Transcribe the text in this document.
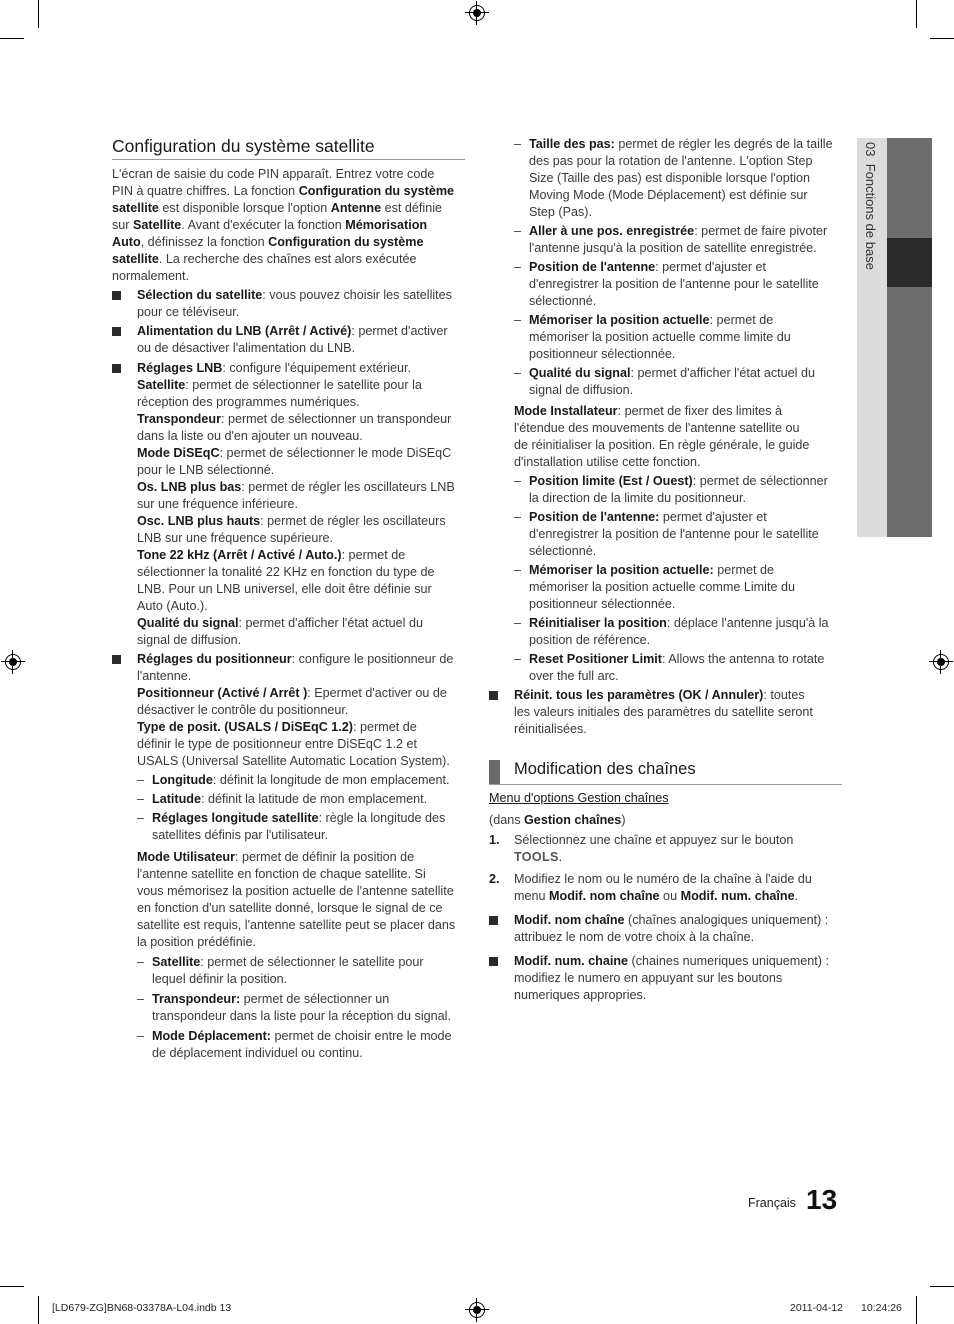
03  Fonctions de base
Configuration du système satellite
L'écran de saisie du code PIN apparaît. Entrez votre code
PIN à quatre chiffres. La fonction Configuration du système
satellite est disponible lorsque l'option Antenne est définie
sur Satellite. Avant d'exécuter la fonction Mémorisation
Auto, définissez la fonction Configuration du système
satellite. La recherche des chaînes est alors exécutée
normalement.
Sélection du satellite: vous pouvez choisir les satellites
pour ce téléviseur.
Alimentation du LNB (Arrêt / Activé): permet d'activer
ou de désactiver l'alimentation du LNB.
Réglages LNB: configure l'équipement extérieur.
Satellite: permet de sélectionner le satellite pour la
réception des programmes numériques.
Transpondeur: permet de sélectionner un transpondeur
dans la liste ou d'en ajouter un nouveau.
Mode DiSEqC: permet de sélectionner le mode DiSEqC
pour le LNB sélectionné.
Os. LNB plus bas: permet de régler les oscillateurs LNB
sur une fréquence inférieure.
Osc. LNB plus hauts: permet de régler les oscillateurs
LNB sur une fréquence supérieure.
Tone 22 kHz (Arrêt / Activé / Auto.): permet de
sélectionner la tonalité 22 KHz en fonction du type de
LNB. Pour un LNB universel, elle doit être définie sur
Auto (Auto.).
Qualité du signal: permet d'afficher l'état actuel du
signal de diffusion.
Réglages du positionneur: configure le positionneur de
l'antenne.
Positionneur (Activé / Arrêt ): Epermet d'activer ou de
désactiver le contrôle du positionneur.
Type de posit. (USALS / DiSEqC 1.2): permet de
définir le type de positionneur entre DiSEqC 1.2 et
USALS (Universal Satellite Automatic Location System).
– Longitude: définit la longitude de mon emplacement.
– Latitude: définit la latitude de mon emplacement.
– Réglages longitude satellite: règle la longitude des
satellites définis par l'utilisateur.
Mode Utilisateur: permet de définir la position de
l'antenne satellite en fonction de chaque satellite. Si
vous mémorisez la position actuelle de l'antenne satellite
en fonction d'un satellite donné, lorsque le signal de ce
satellite est requis, l'antenne satellite peut se placer dans
la position prédéfinie.
– Satellite: permet de sélectionner le satellite pour
lequel définir la position.
– Transpondeur: permet de sélectionner un
transpondeur dans la liste pour la réception du signal.
– Mode Déplacement: permet de choisir entre le mode
de déplacement individuel ou continu.
– Taille des pas: permet de régler les degrés de la taille
des pas pour la rotation de l'antenne. L'option Step
Size (Taille des pas) est disponible lorsque l'option
Moving Mode (Mode Déplacement) est définie sur
Step (Pas).
– Aller à une pos. enregistrée: permet de faire pivoter
l'antenne jusqu'à la position de satellite enregistrée.
– Position de l'antenne: permet d'ajuster et
d'enregistrer la position de l'antenne pour le satellite
sélectionné.
– Mémoriser la position actuelle: permet de
mémoriser la position actuelle comme limite du
positionneur sélectionnée.
– Qualité du signal: permet d'afficher l'état actuel du
signal de diffusion.
Mode Installateur: permet de fixer des limites à
l'étendue des mouvements de l'antenne satellite ou
de réinitialiser la position. En règle générale, le guide
d'installation utilise cette fonction.
– Position limite (Est / Ouest): permet de sélectionner
la direction de la limite du positionneur.
– Position de l'antenne: permet d'ajuster et
d'enregistrer la position de l'antenne pour le satellite
sélectionné.
– Mémoriser la position actuelle: permet de
mémoriser la position actuelle comme Limite du
positionneur sélectionnée.
– Réinitialiser la position: déplace l'antenne jusqu'à la
position de référence.
– Reset Positioner Limit: Allows the antenna to rotate
over the full arc.
Réinit. tous les paramètres (OK / Annuler): toutes
les valeurs initiales des paramètres du satellite seront
réinitialisées.
Menu d'options Gestion chaînes
(dans Gestion chaînes)
1. Sélectionnez une chaîne et appuyez sur le bouton
TOOLS.
2. Modifiez le nom ou le numéro de la chaîne à l'aide du
menu Modif. nom chaîne ou Modif. num. chaîne.
Modif. nom chaîne (chaînes analogiques uniquement) :
attribuez le nom de votre choix à la chaîne.
Modif. num. chaine (chaines numeriques uniquement) :
modifiez le numero en appuyant sur les boutons
numeriques appropries.
Modification des chaînes
Français 13
[LD679-ZG]BN68-03378A-L04.indb 13	2011-04-12 10:24:26
